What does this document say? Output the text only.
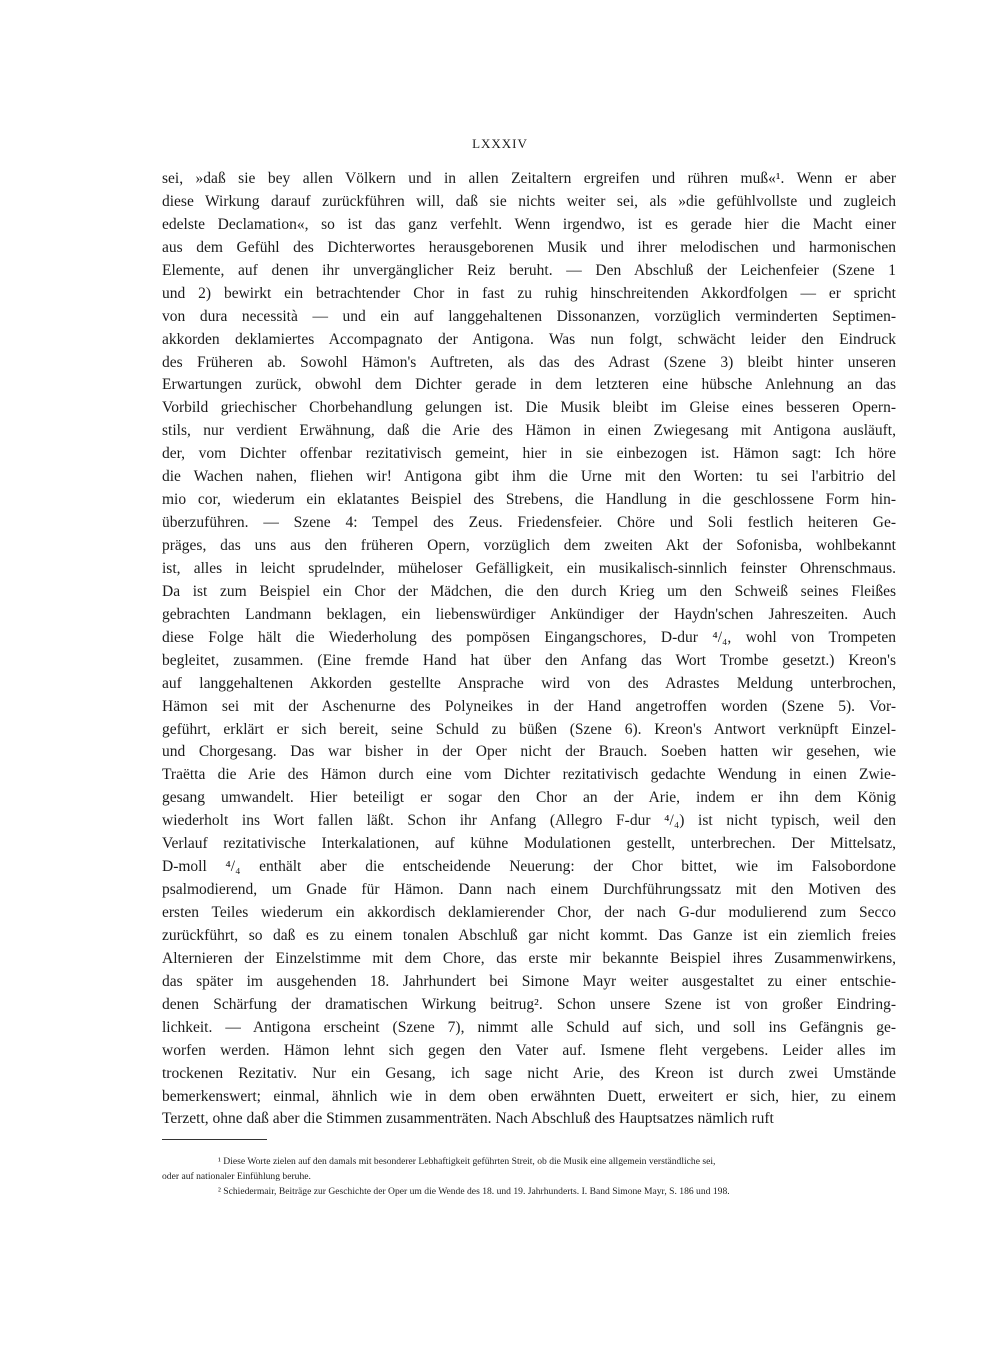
LXXXIV
sei, »daß sie bey allen Völkern und in allen Zeitaltern ergreifen und rühren muß«¹. Wenn er aber
diese Wirkung darauf zurückführen will, daß sie nichts weiter sei, als »die gefühlvollste und zugleich
edelste Declamation«, so ist das ganz verfehlt. Wenn irgendwo, ist es gerade hier die Macht einer
aus dem Gefühl des Dichterwortes herausgeborenen Musik und ihrer melodischen und harmonischen
Elemente, auf denen ihr unvergänglicher Reiz beruht. — Den Abschluß der Leichenfeier (Szene 1
und 2) bewirkt ein betrachtender Chor in fast zu ruhig hinschreitenden Akkordfolgen — er spricht
von dura necessità — und ein auf langgehaltenen Dissonanzen, vorzüglich verminderten Septimen-
akkorden deklamiertes Accompagnato der Antigona. Was nun folgt, schwächt leider den Eindruck
des Früheren ab. Sowohl Hämon's Auftreten, als das des Adrast (Szene 3) bleibt hinter unseren
Erwartungen zurück, obwohl dem Dichter gerade in dem letzteren eine hübsche Anlehnung an das
Vorbild griechischer Chorbehandlung gelungen ist. Die Musik bleibt im Gleise eines besseren Opern-
stils, nur verdient Erwähnung, daß die Arie des Hämon in einen Zwiegesang mit Antigona ausläuft,
der, vom Dichter offenbar rezitativisch gemeint, hier in sie einbezogen ist. Hämon sagt: Ich höre
die Wachen nahen, fliehen wir! Antigona gibt ihm die Urne mit den Worten: tu sei l'arbitrio del
mio cor, wiederum ein eklatantes Beispiel des Strebens, die Handlung in die geschlossene Form hin-
überzuführen. — Szene 4: Tempel des Zeus. Friedensfeier. Chöre und Soli festlich heiteren Ge-
präges, das uns aus den früheren Opern, vorzüglich dem zweiten Akt der Sofonisba, wohlbekannt
ist, alles in leicht sprudelnder, müheloser Gefälligkeit, ein musikalisch-sinnlich feinster Ohrenschmaus.
Da ist zum Beispiel ein Chor der Mädchen, die den durch Krieg um den Schweiß seines Fleißes
gebrachten Landmann beklagen, ein liebenswürdiger Ankündiger der Haydn'schen Jahreszeiten. Auch
diese Folge hält die Wiederholung des pompösen Eingangschores, D-dur ⁴/₄, wohl von Trompeten
begleitet, zusammen. (Eine fremde Hand hat über den Anfang das Wort Trombe gesetzt.) Kreon's
auf langgehaltenen Akkorden gestellte Ansprache wird von des Adrastes Meldung unterbrochen,
Hämon sei mit der Aschenurne des Polyneikes in der Hand angetroffen worden (Szene 5). Vor-
geführt, erklärt er sich bereit, seine Schuld zu büßen (Szene 6). Kreon's Antwort verknüpft Einzel-
und Chorgesang. Das war bisher in der Oper nicht der Brauch. Soeben hatten wir gesehen, wie
Traëtta die Arie des Hämon durch eine vom Dichter rezitativisch gedachte Wendung in einen Zwie-
gesang umwandelt. Hier beteiligt er sogar den Chor an der Arie, indem er ihn dem König
wiederholt ins Wort fallen läßt. Schon ihr Anfang (Allegro F-dur ⁴/₄) ist nicht typisch, weil den
Verlauf rezitativische Interkalationen, auf kühne Modulationen gestellt, unterbrechen. Der Mittelsatz,
D-moll ⁴/₄ enthält aber die entscheidende Neuerung: der Chor bittet, wie im Falsobordone
psalmodierend, um Gnade für Hämon. Dann nach einem Durchführungssatz mit den Motiven des
ersten Teiles wiederum ein akkordisch deklamierender Chor, der nach G-dur modulierend zum Secco
zurückführt, so daß es zu einem tonalen Abschluß gar nicht kommt. Das Ganze ist ein ziemlich freies
Alternieren der Einzelstimme mit dem Chore, das erste mir bekannte Beispiel ihres Zusammenwirkens,
das später im ausgehenden 18. Jahrhundert bei Simone Mayr weiter ausgestaltet zu einer entschie-
denen Schärfung der dramatischen Wirkung beitrug². Schon unsere Szene ist von großer Eindring-
lichkeit. — Antigona erscheint (Szene 7), nimmt alle Schuld auf sich, und soll ins Gefängnis ge-
worfen werden. Hämon lehnt sich gegen den Vater auf. Ismene fleht vergebens. Leider alles im
trockenen Rezitativ. Nur ein Gesang, ich sage nicht Arie, des Kreon ist durch zwei Umstände
bemerkenswert; einmal, ähnlich wie in dem oben erwähnten Duett, erweitert er sich, hier, zu einem
Terzett, ohne daß aber die Stimmen zusammenträten. Nach Abschluß des Hauptsatzes nämlich ruft
¹ Diese Worte zielen auf den damals mit besonderer Lebhaftigkeit geführten Streit, ob die Musik eine allgemein verständliche sei,
oder auf nationaler Einfühlung beruhe.
² Schiedermair, Beiträge zur Geschichte der Oper um die Wende des 18. und 19. Jahrhunderts. I. Band Simone Mayr, S. 186 und 198.
